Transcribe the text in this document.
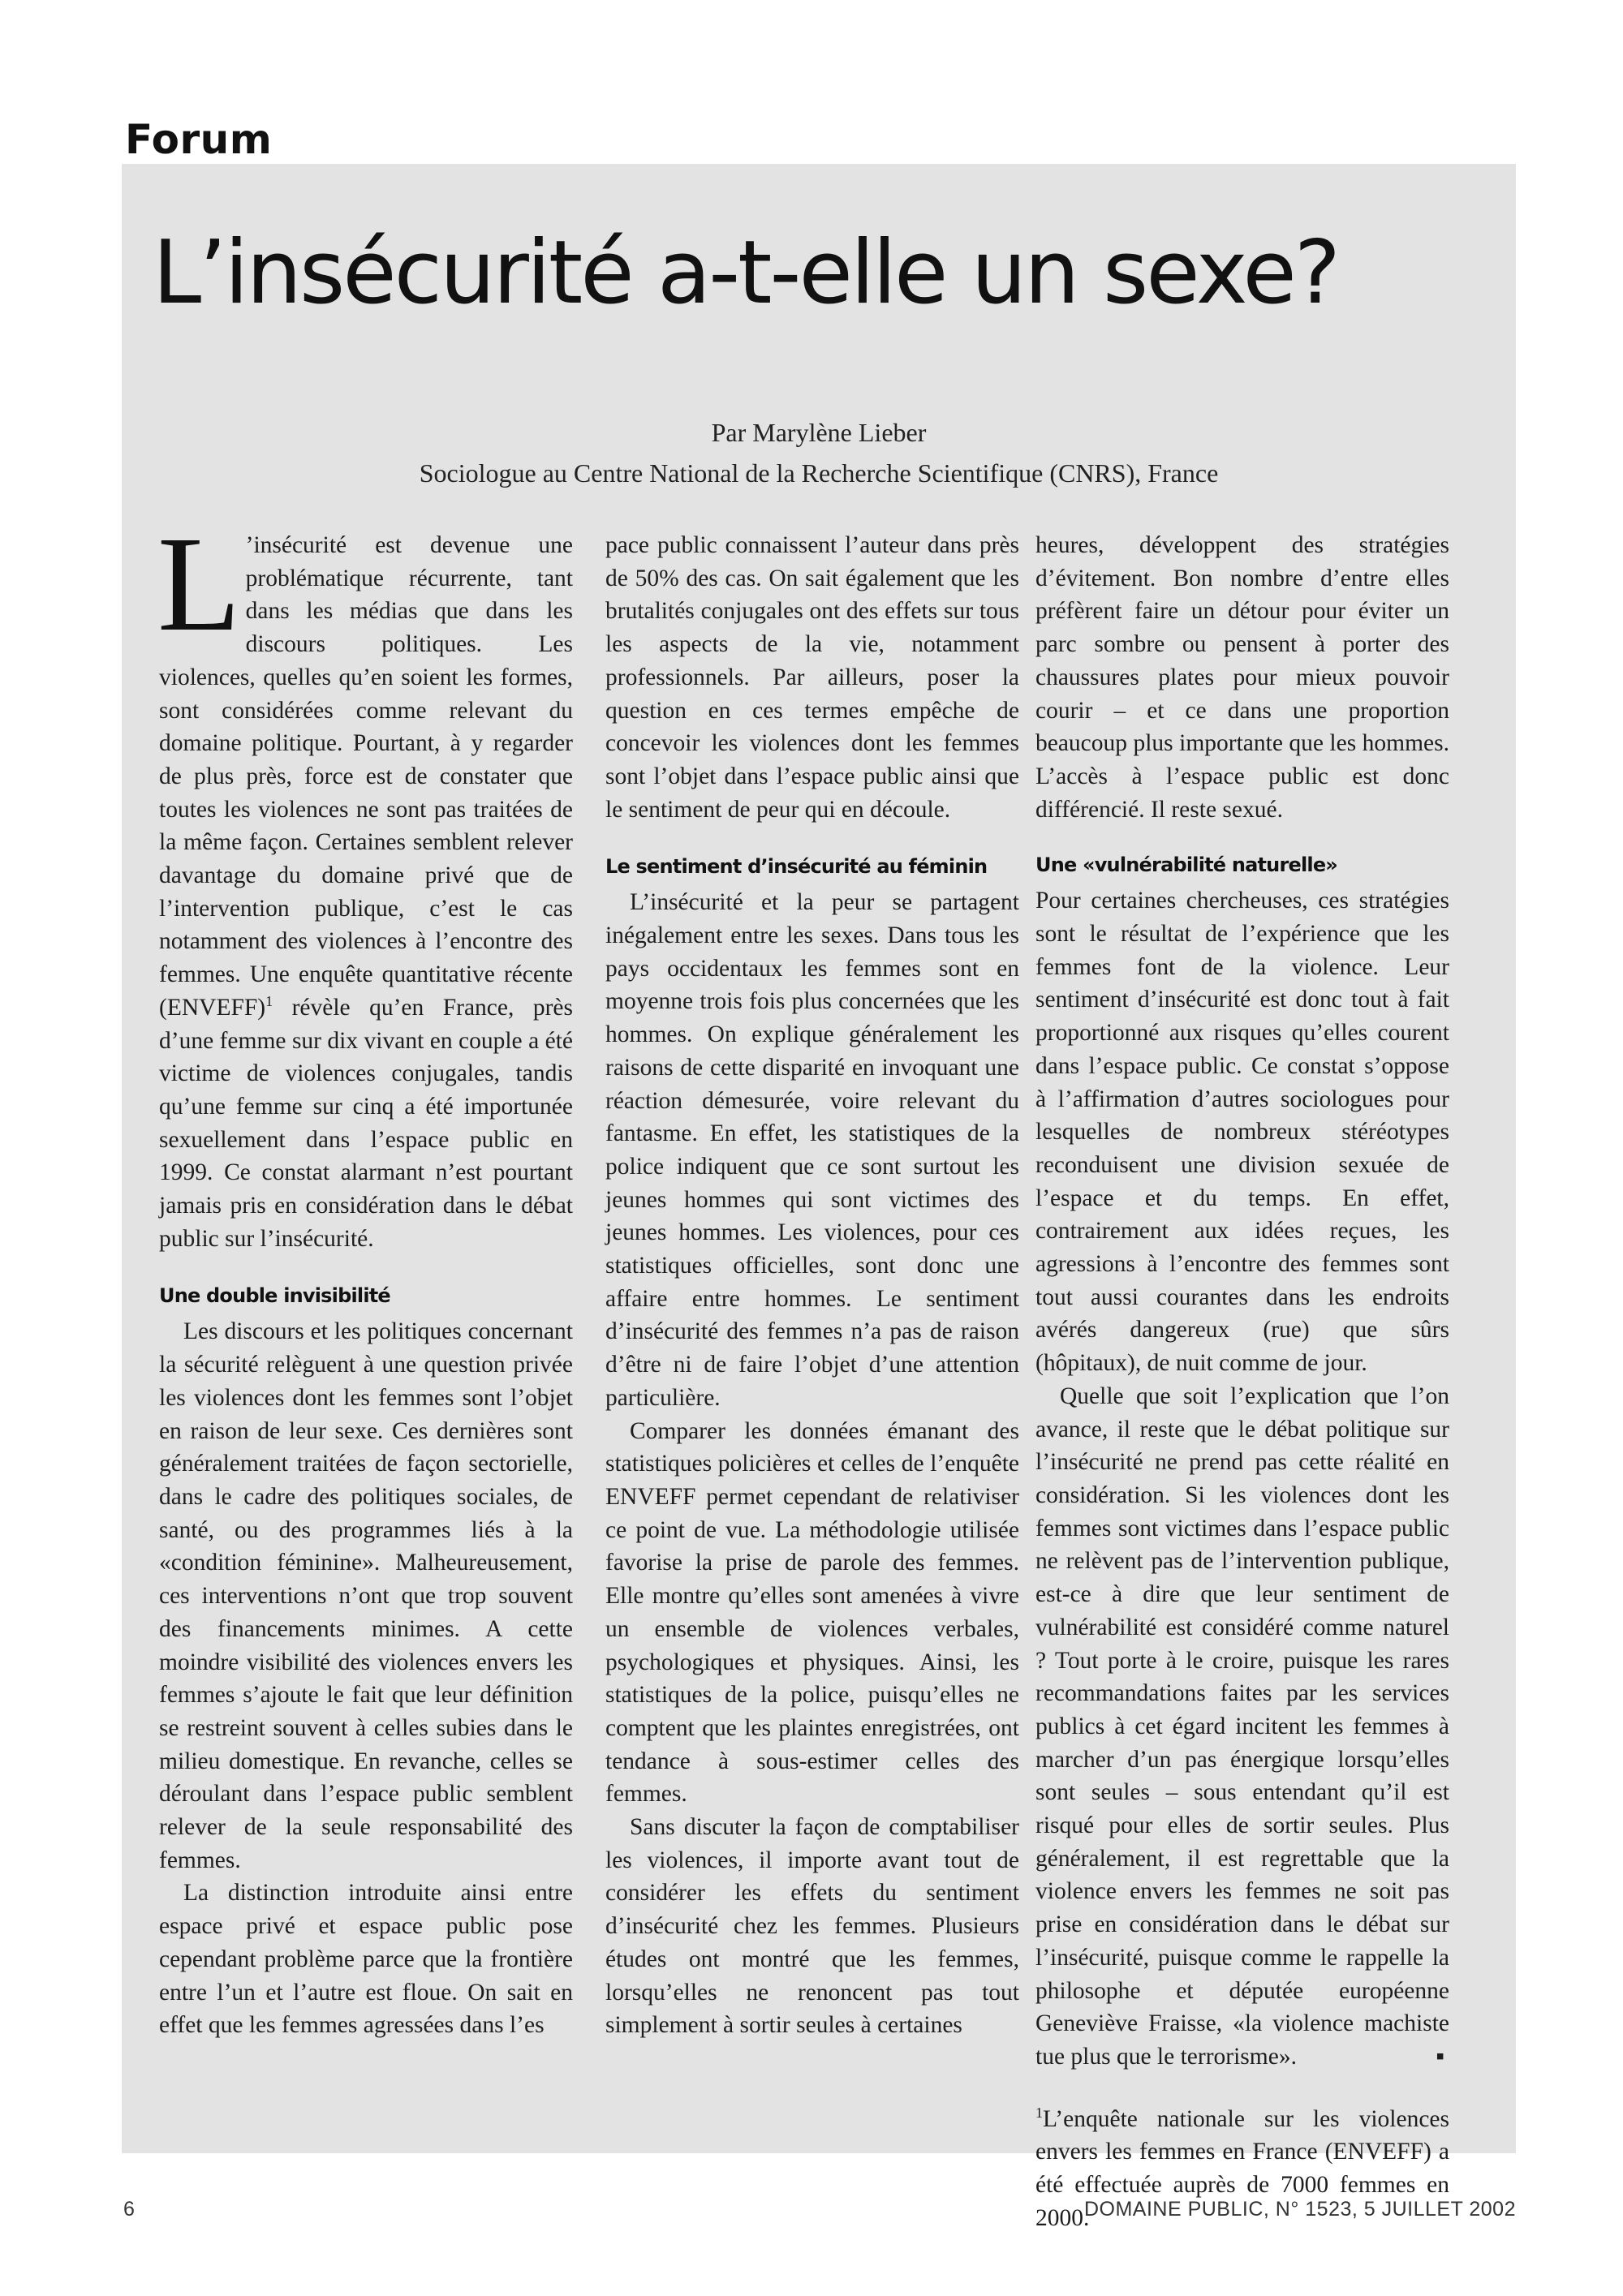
Forum
L’insécurité a-t-elle un sexe?
Par Marylène Lieber
Sociologue au Centre National de la Recherche Scientifique (CNRS), France

L ’insécurité est devenue une problématique récurrente, tant dans les médias que dans les discours politiques. Les violences, quelles qu’en soient les formes, sont considérées comme relevant du domaine politique. Pourtant, à y regarder de plus près, force est de constater que toutes les violences ne sont pas traitées de la même façon. Certaines semblent relever davantage du domaine privé que de l’intervention publique, c’est le cas notamment des violences à l’encontre des femmes. Une enquête quantitative récente (ENVEFF)$^1$ révèle qu’en France, près d’une femme sur dix vivant en couple a été victime de violences conjugales, tandis qu’une femme sur cinq a été importunée sexuellement dans l’espace public en 1999. Ce constat alarmant n’est pourtant jamais pris en considération dans le débat public sur l’insécurité.

Une double invisibilité

Les discours et les politiques concernant la sécurité relèguent à une question privée les violences dont les femmes sont l’objet en raison de leur sexe. Ces dernières sont généralement traitées de façon sectorielle, dans le cadre des politiques sociales, de santé, ou des programmes liés à la «condition féminine». Malheureusement, ces interventions n’ont que trop souvent des financements minimes. A cette moindre visibilité des violences envers les femmes s’ajoute le fait que leur définition se restreint souvent à celles subies dans le milieu domestique. En revanche, celles se déroulant dans l’espace public semblent relever de la seule responsabilité des femmes.

La distinction introduite ainsi entre espace privé et espace public pose cependant problème parce que la frontière entre l’un et l’autre est floue. On sait en effet que les femmes agressées dans l’es

pace public connaissent l’auteur dans près de 50% des cas. On sait également que les brutalités conjugales ont des effets sur tous les aspects de la vie, notamment professionnels. Par ailleurs, poser la question en ces termes empêche de concevoir les violences dont les femmes sont l’objet dans l’espace public ainsi que le sentiment de peur qui en découle.

Le sentiment d’insécurité au féminin

L’insécurité et la peur se partagent inégalement entre les sexes. Dans tous les pays occidentaux les femmes sont en moyenne trois fois plus concernées que les hommes. On explique généralement les raisons de cette disparité en invoquant une réaction démesurée, voire relevant du fantasme. En effet, les statistiques de la police indiquent que ce sont surtout les jeunes hommes qui sont victimes des jeunes hommes. Les violences, pour ces statistiques officielles, sont donc une affaire entre hommes. Le sentiment d’insécurité des femmes n’a pas de raison d’être ni de faire l’objet d’une attention particulière.

Comparer les données émanant des statistiques policières et celles de l’enquête ENVEFF permet cependant de relativiser ce point de vue. La méthodologie utilisée favorise la prise de parole des femmes. Elle montre qu’elles sont amenées à vivre un ensemble de violences verbales, psychologiques et physiques. Ainsi, les statistiques de la police, puisqu’elles ne comptent que les plaintes enregistrées, ont tendance à sous-estimer celles des femmes.

Sans discuter la façon de comptabiliser les violences, il importe avant tout de considérer les effets du sentiment d’insécurité chez les femmes. Plusieurs études ont montré que les femmes, lorsqu’elles ne renoncent pas tout simplement à sortir seules à certaines

heures, développent des stratégies d’évitement. Bon nombre d’entre elles préfèrent faire un détour pour éviter un parc sombre ou pensent à porter des chaussures plates pour mieux pouvoir courir – et ce dans une proportion beaucoup plus importante que les hommes. L’accès à l’espace public est donc différencié. Il reste sexué.

Une «vulnérabilité naturelle»

Pour certaines chercheuses, ces stratégies sont le résultat de l’expérience que les femmes font de la violence. Leur sentiment d’insécurité est donc tout à fait proportionné aux risques qu’elles courent dans l’espace public. Ce constat s’oppose à l’affirmation d’autres sociologues pour lesquelles de nombreux stéréotypes reconduisent une division sexuée de l’espace et du temps. En effet, contrairement aux idées reçues, les agressions à l’encontre des femmes sont tout aussi courantes dans les endroits avérés dangereux (rue) que sûrs (hôpitaux), de nuit comme de jour.

Quelle que soit l’explication que l’on avance, il reste que le débat politique sur l’insécurité ne prend pas cette réalité en considération. Si les violences dont les femmes sont victimes dans l’espace public ne relèvent pas de l’intervention publique, est-ce à dire que leur sentiment de vulnérabilité est considéré comme naturel ? Tout porte à le croire, puisque les rares recommandations faites par les services publics à cet égard incitent les femmes à marcher d’un pas énergique lorsqu’elles sont seules – sous entendant qu’il est risqué pour elles de sortir seules. Plus généralement, il est regrettable que la violence envers les femmes ne soit pas prise en considération dans le débat sur l’insécurité, puisque comme le rappelle la philosophe et députée européenne Geneviève Fraisse, «la violence machiste tue plus que le terrorisme».	▪

$^1$L’enquête nationale sur les violences envers les femmes en France (ENVEFF) a été effectuée auprès de 7000 femmes en 2000.

6	DOMAINE PUBLIC, N° 1523, 5 JUILLET 2002
